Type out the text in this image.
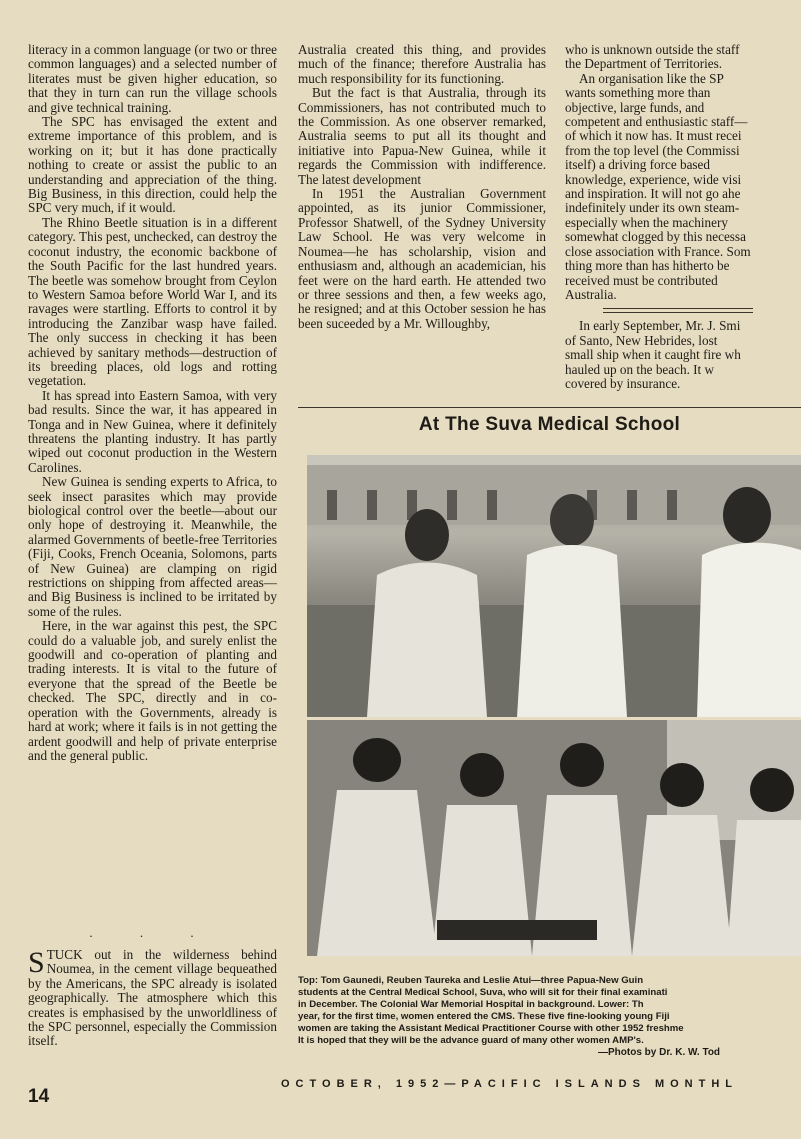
literacy in a common language (or two or three common languages) and a selected number of literates must be given higher education, so that they in turn can run the village schools and give technical training.

The SPC has envisaged the extent and extreme importance of this problem, and is working on it; but it has done practically nothing to create or assist the public to an understanding and appreciation of the thing. Big Business, in this direction, could help the SPC very much, if it would.

The Rhino Beetle situation is in a different category. This pest, unchecked, can destroy the coconut industry, the economic backbone of the South Pacific for the last hundred years. The beetle was somehow brought from Ceylon to Western Samoa before World War I, and its ravages were startling. Efforts to control it by introducing the Zanzibar wasp have failed. The only success in checking it has been achieved by sanitary methods—destruction of its breeding places, old logs and rotting vegetation.

It has spread into Eastern Samoa, with very bad results. Since the war, it has appeared in Tonga and in New Guinea, where it definitely threatens the planting industry. It has partly wiped out coconut production in the Western Carolines.

New Guinea is sending experts to Africa, to seek insect parasites which may provide biological control over the beetle—about our only hope of destroying it. Meanwhile, the alarmed Governments of beetle-free Territories (Fiji, Cooks, French Oceania, Solomons, parts of New Guinea) are clamping on rigid restrictions on shipping from affected areas—and Big Business is inclined to be irritated by some of the rules.

Here, in the war against this pest, the SPC could do a valuable job, and surely enlist the goodwill and co-operation of planting and trading interests. It is vital to the future of everyone that the spread of the Beetle be checked. The SPC, directly and in co-operation with the Governments, already is hard at work; where it fails is in not getting the ardent goodwill and help of private enterprise and the general public.

. . .
STUCK out in the wilderness behind Noumea, in the cement village bequeathed by the Americans, the SPC already is isolated geographically. The atmosphere which this creates is emphasised by the unworldliness of the SPC personnel, especially the Commission itself.

Australia created this thing, and provides much of the finance; therefore Australia has much responsibility for its functioning.

But the fact is that Australia, through its Commissioners, has not contributed much to the Commission. As one observer remarked, Australia seems to put all its thought and initiative into Papua-New Guinea, while it regards the Commission with indifference. The latest development

In 1951 the Australian Government appointed, as its junior Commissioner, Professor Shatwell, of the Sydney University Law School. He was very welcome in Noumea—he has scholarship, vision and enthusiasm and, although an academician, his feet were on the hard earth. He attended two or three sessions and then, a few weeks ago, he resigned; and at this October session he has been suceeded by a Mr. Willoughby,

who is unknown outside the staff

the Department of Territories.

An organisation like the SP

wants something more than

objective, large funds, and

competent and enthusiastic staff—

of which it now has. It must recei

from the top level (the Commissi

itself) a driving force based

knowledge, experience, wide visi

and inspiration. It will not go ahe

indefinitely under its own steam-

especially when the machinery

somewhat clogged by this necessa

close association with France. Som

thing more than has hitherto be

received must be contributed

Australia.

In early September, Mr. J. Smi

of Santo, New Hebrides, lost

small ship when it caught fire wh

hauled up on the beach. It w

covered by insurance.

At The Suva Medical School
Top: Tom Gaunedi, Reuben Taureka and Leslie Atui—three Papua-New Guin
students at the Central Medical School, Suva, who will sit for their final examinati
in December. The Colonial War Memorial Hospital in background. Lower: Th
year, for the first time, women entered the CMS. These five fine-looking young Fiji
women are taking the Assistant Medical Practitioner Course with other 1952 freshme
It is hoped that they will be the advance guard of many other women AMP's.
—Photos by Dr. K. W. Tod
14
OCTOBER, 1952—PACIFIC ISLANDS MONTHL
